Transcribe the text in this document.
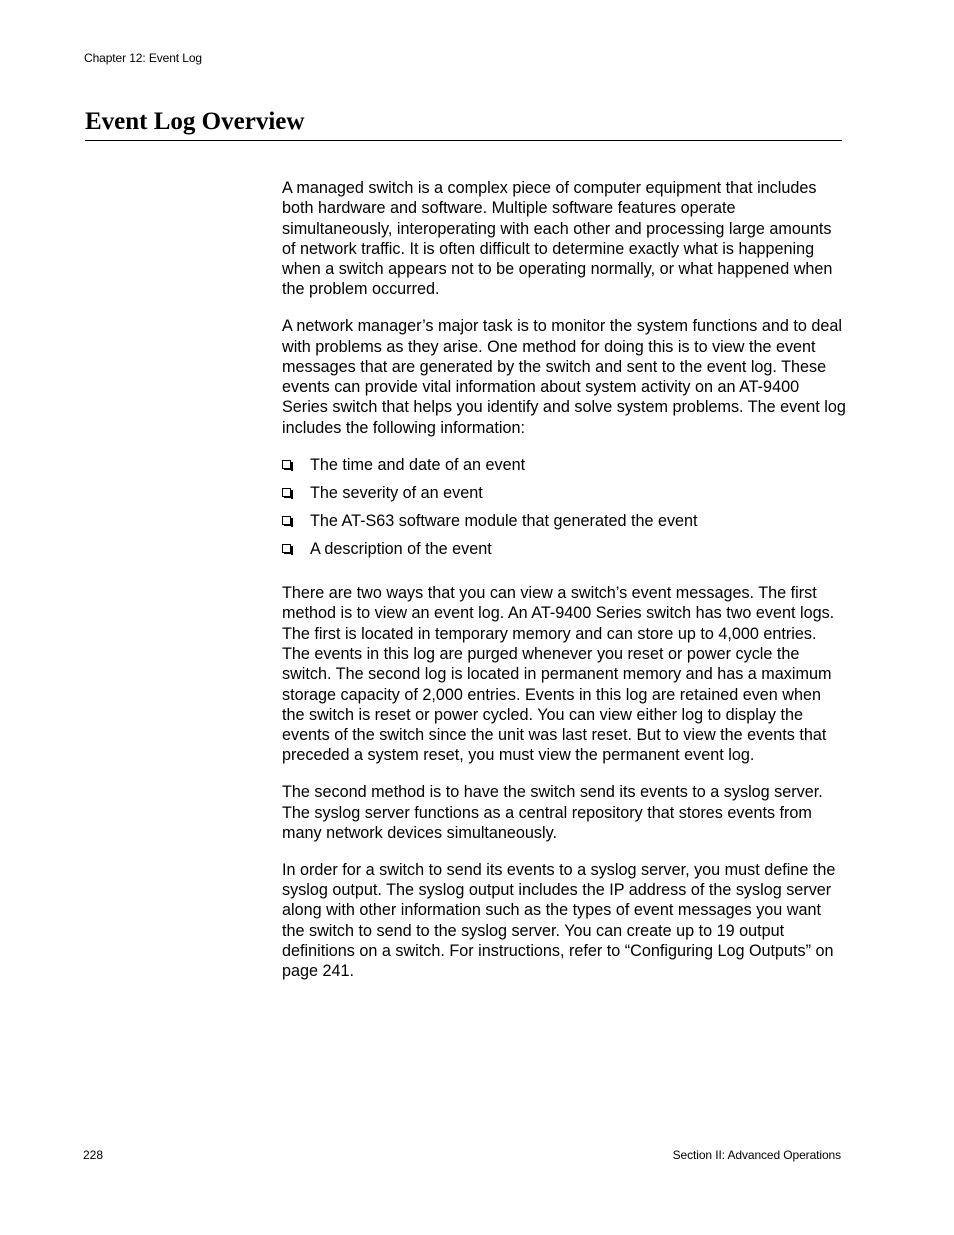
Chapter 12: Event Log
Event Log Overview

A managed switch is a complex piece of computer equipment that includes both hardware and software. Multiple software features operate simultaneously, interoperating with each other and processing large amounts of network traffic. It is often difficult to determine exactly what is happening when a switch appears not to be operating normally, or what happened when the problem occurred.

A network manager’s major task is to monitor the system functions and to deal with problems as they arise. One method for doing this is to view the event messages that are generated by the switch and sent to the event log. These events can provide vital information about system activity on an AT-9400 Series switch that helps you identify and solve system problems. The event log includes the following information:

The time and date of an event
The severity of an event
The AT-S63 software module that generated the event
A description of the event

There are two ways that you can view a switch’s event messages. The first method is to view an event log. An AT-9400 Series switch has two event logs. The first is located in temporary memory and can store up to 4,000 entries. The events in this log are purged whenever you reset or power cycle the switch. The second log is located in permanent memory and has a maximum storage capacity of 2,000 entries. Events in this log are retained even when the switch is reset or power cycled. You can view either log to display the events of the switch since the unit was last reset. But to view the events that preceded a system reset, you must view the permanent event log.

The second method is to have the switch send its events to a syslog server. The syslog server functions as a central repository that stores events from many network devices simultaneously.

In order for a switch to send its events to a syslog server, you must define the syslog output. The syslog output includes the IP address of the syslog server along with other information such as the types of event messages you want the switch to send to the syslog server. You can create up to 19 output definitions on a switch. For instructions, refer to “Configuring Log Outputs” on page 241.

228	Section II: Advanced Operations
